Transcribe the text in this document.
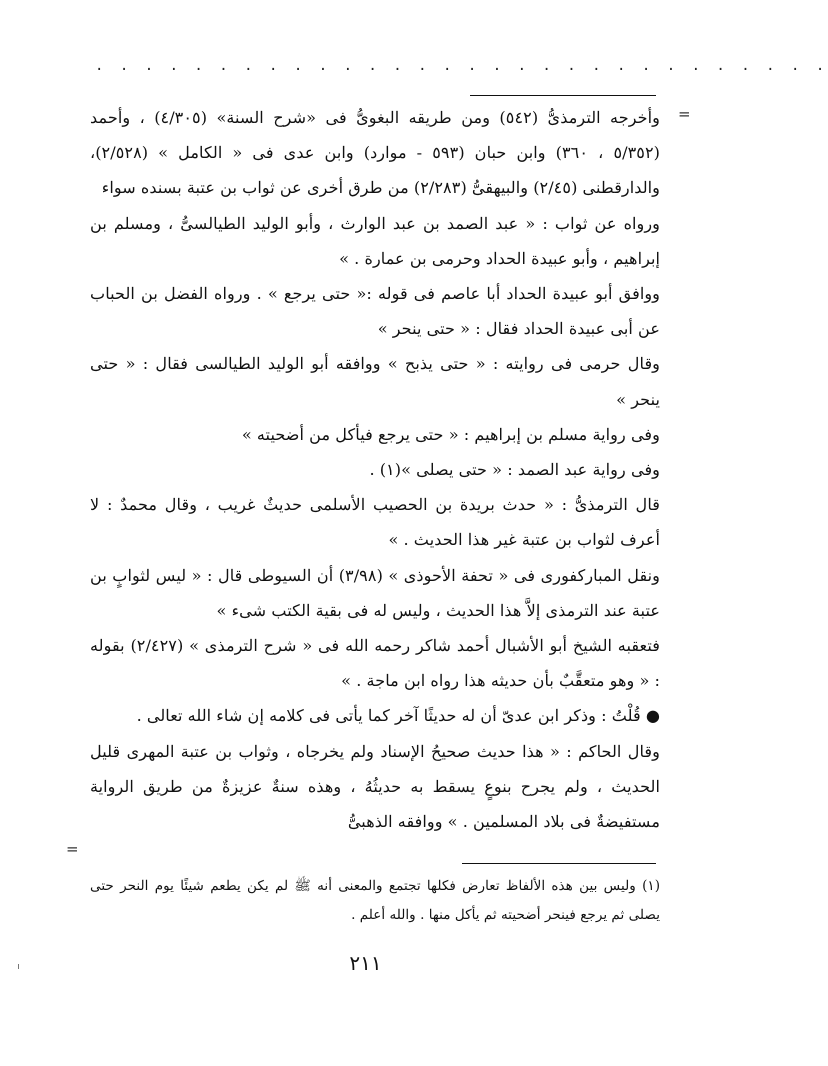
. . . . . . . . . . . . . . . . . . . . . . . . . . . . . .
=
=

وأخرجه الترمذىُّ (٥٤٢) ومن طريقه البغوىُّ فى «شرح السنة» (٤/٣٠٥) ، وأحمد (٥/٣٥٢ ، ٣٦٠) وابن حبان (٥٩٣ - موارد) وابن عدى فى « الكامل » (٢/٥٢٨)، والدارقطنى (٢/٤٥) والبيهقىُّ (٢/٢٨٣) من طرق أخرى عن ثواب بن عتبة بسنده سواء

ورواه عن ثواب : « عبد الصمد بن عبد الوارث ، وأبو الوليد الطيالسىُّ ، ومسلم بن إبراهيم ، وأبو عبيدة الحداد وحرمى بن عمارة . »

ووافق أبو عبيدة الحداد أبا عاصم فى قوله :« حتى يرجع » . ورواه الفضل بن الحباب عن أبى عبيدة الحداد فقال : « حتى ينحر »

وقال حرمى فى روايته : « حتى يذبح » ووافقه أبو الوليد الطيالسى فقال : « حتى ينحر »

وفى رواية مسلم بن إبراهيم : « حتى يرجع فيأكل من أضحيته »

وفى رواية عبد الصمد : « حتى يصلى »(١) .

قال الترمذىُّ : « حدث بريدة بن الحصيب الأسلمى حديثٌ غريب ، وقال محمدٌ : لا أعرف لثواب بن عتبة غير هذا الحديث . »

ونقل المباركفورى فى « تحفة الأحوذى » (٣/٩٨) أن السيوطى قال : « ليس لثوابٍ بن عتبة عند الترمذى إلاَّ هذا الحديث ، وليس له فى بقية الكتب شىء »

فتعقبه الشيخ أبو الأشبال أحمد شاكر رحمه الله فى « شرح الترمذى » (٢/٤٢٧) بقوله : « وهو متعقَّبٌ بأن حديثه هذا رواه ابن ماجة . »

● قُلْتُ : وذكر ابن عدىّ أن له حديثًا آخر كما يأتى فى كلامه إن شاء الله تعالى .

وقال الحاكم : « هذا حديث صحيحُ الإسناد ولم يخرجاه ، وثواب بن عتبة المهرى قليل الحديث ، ولم يجرح بنوعٍ يسقط به حديثُهُ ، وهذه سنةٌ عزيزةٌ من طريق الرواية مستفيضةٌ فى بلاد المسلمين . » ووافقه الذهبىُّ

(١) وليس بين هذه الألفاظ تعارض فكلها تجتمع والمعنى أنه ﷺ لم يكن يطعم شيئًا يوم النحر حتى يصلى ثم يرجع فينحر أضحيته ثم يأكل منها . والله أعلم .

٢١١
